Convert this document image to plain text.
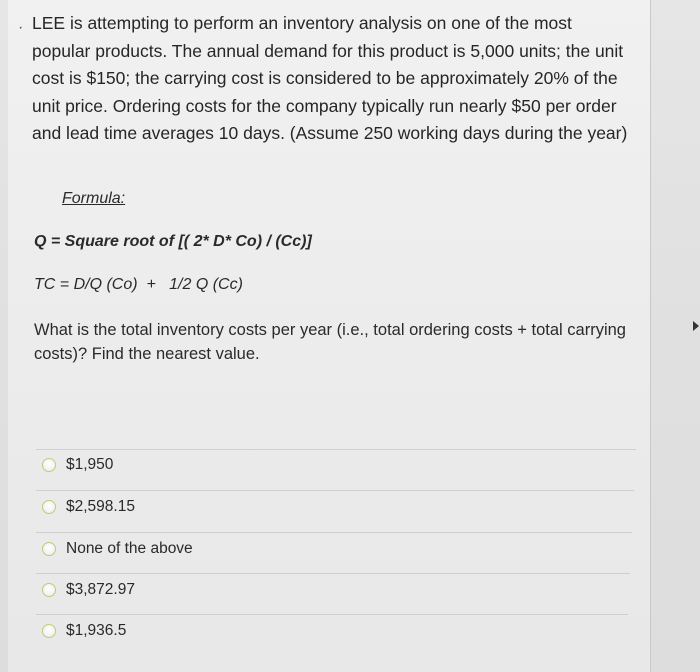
· LEE is attempting to perform an inventory analysis on one of the most popular products. The annual demand for this product is 5,000 units; the unit cost is $150; the carrying cost is considered to be approximately 20% of the unit price. Ordering costs for the company typically run nearly $50 per order and lead time averages 10 days. (Assume 250 working days during the year)
Formula:
Q = Square root of [( 2* D* Co) / (Cc)]
TC = D/Q (Co)  +   1/2 Q (Cc)
What is the total inventory costs per year (i.e., total ordering costs + total carrying costs)? Find the nearest value.
$1,950
$2,598.15
None of the above
$3,872.97
$1,936.5
